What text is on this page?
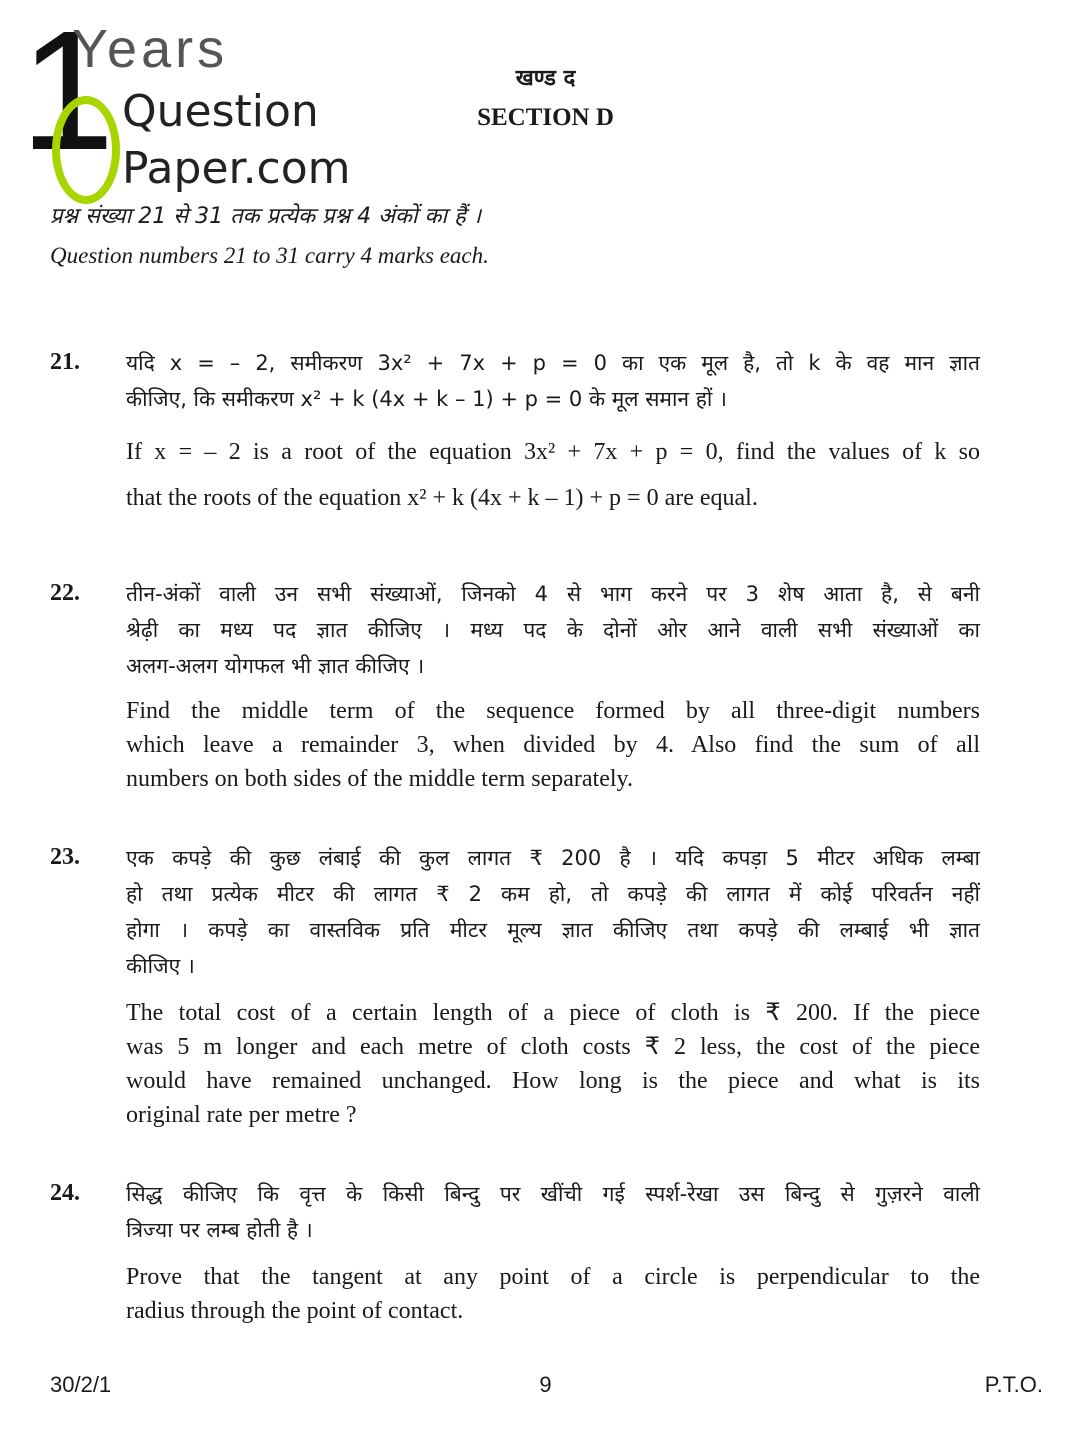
1
Years
Question
Paper.com
खण्ड द
SECTION D
प्रश्न संख्या 21 से 31 तक प्रत्येक प्रश्न 4 अंकों का हैं ।
Question numbers 21 to 31 carry 4 marks each.
21. यदि x = – 2, समीकरण 3x² + 7x + p = 0 का एक मूल है, तो k के वह मान ज्ञात
कीजिए, कि समीकरण x² + k (4x + k – 1) + p = 0 के मूल समान हों ।

If x = – 2 is a root of the equation 3x² + 7x + p = 0, find the values of k so
that the roots of the equation x² + k (4x + k – 1) + p = 0 are equal.

22. तीन-अंकों वाली उन सभी संख्याओं, जिनको 4 से भाग करने पर 3 शेष आता है, से बनी
श्रेढ़ी का मध्य पद ज्ञात कीजिए । मध्य पद के दोनों ओर आने वाली सभी संख्याओं का
अलग-अलग योगफल भी ज्ञात कीजिए ।

Find the middle term of the sequence formed by all three-digit numbers
which leave a remainder 3, when divided by 4. Also find the sum of all
numbers on both sides of the middle term separately.

23. एक कपड़े की कुछ लंबाई की कुल लागत ₹ 200 है । यदि कपड़ा 5 मीटर अधिक लम्बा
हो तथा प्रत्येक मीटर की लागत ₹ 2 कम हो, तो कपड़े की लागत में कोई परिवर्तन नहीं
होगा । कपड़े का वास्तविक प्रति मीटर मूल्य ज्ञात कीजिए तथा कपड़े की लम्बाई भी ज्ञात
कीजिए ।

The total cost of a certain length of a piece of cloth is ₹ 200. If the piece
was 5 m longer and each metre of cloth costs ₹ 2 less, the cost of the piece
would have remained unchanged. How long is the piece and what is its
original rate per metre ?

24. सिद्ध कीजिए कि वृत्त के किसी बिन्दु पर खींची गई स्पर्श-रेखा उस बिन्दु से गुज़रने वाली
त्रिज्या पर लम्ब होती है ।

Prove that the tangent at any point of a circle is perpendicular to the
radius through the point of contact.

30/2/1	9	P.T.O.
